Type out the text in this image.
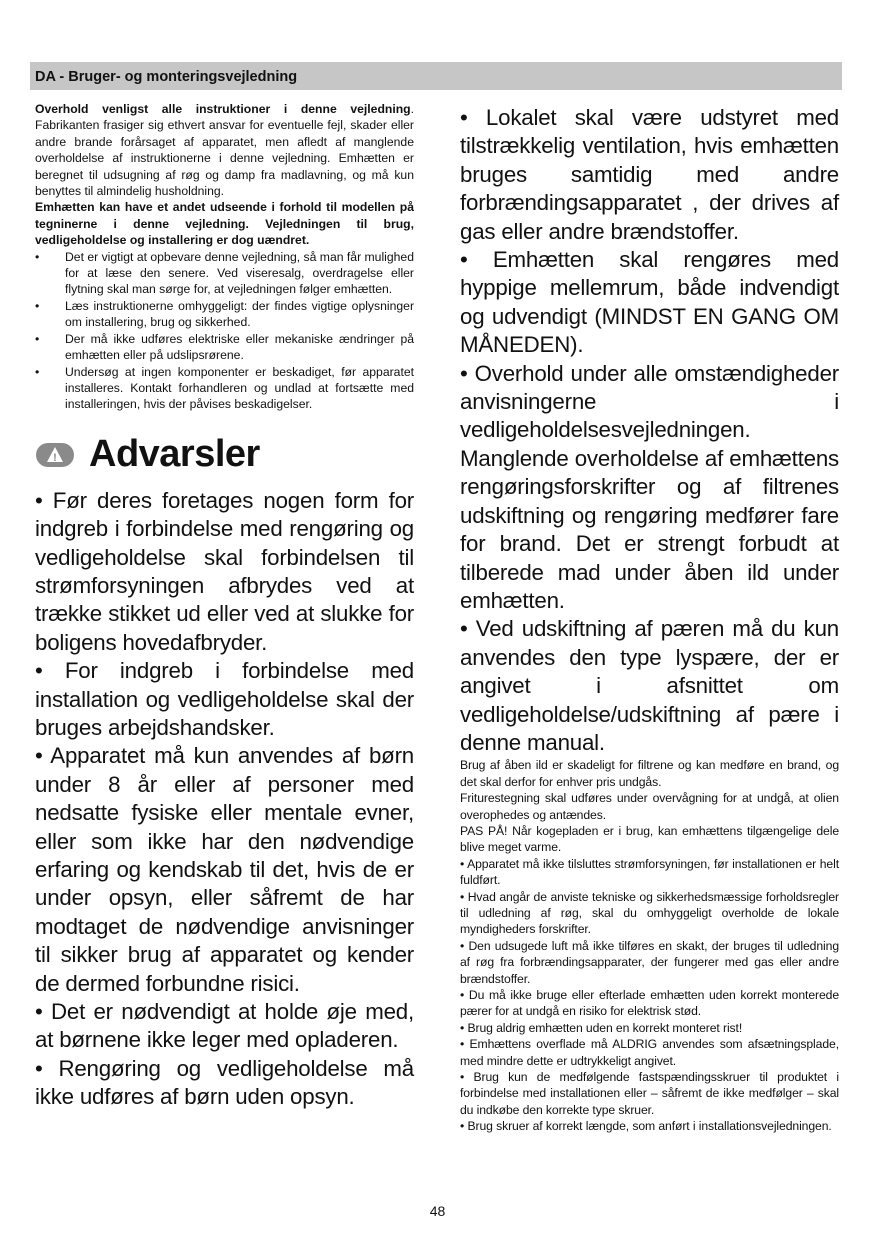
DA - Bruger- og monteringsvejledning

Overhold venligst alle instruktioner i denne vejledning. Fabrikanten frasiger sig ethvert ansvar for eventuelle fejl, skader eller andre brande forårsaget af apparatet, men afledt af manglende overholdelse af instruktionerne i denne vejledning. Emhætten er beregnet til udsugning af røg og damp fra madlavning, og må kun benyttes til almindelig husholdning.

Emhætten kan have et andet udseende i forhold til modellen på tegninerne i denne vejledning. Vejledningen til brug, vedligeholdelse og installering er dog uændret.

• Det er vigtigt at opbevare denne vejledning, så man får mulighed for at læse den senere. Ved viseresalg, overdragelse eller flytning skal man sørge for, at vejledningen følger emhætten.
• Læs instruktionerne omhyggeligt: der findes vigtige oplysninger om installering, brug og sikkerhed.
• Der må ikke udføres elektriske eller mekaniske ændringer på emhætten eller på udslipsrørene.
• Undersøg at ingen komponenter er beskadiget, før apparatet installeres. Kontakt forhandleren og undlad at fortsætte med installeringen, hvis der påvises beskadigelser.
! Advarsler

• Før deres foretages nogen form for indgreb i forbindelse med rengøring og vedligeholdelse skal forbindelsen til strømforsyningen afbrydes ved at trække stikket ud eller ved at slukke for boligens hovedafbryder.

• For indgreb i forbindelse med installation og vedligeholdelse skal der bruges arbejdshandsker.

• Apparatet må kun anvendes af børn under 8 år eller af personer med nedsatte fysiske eller mentale evner, eller som ikke har den nødvendige erfaring og kendskab til det, hvis de er under opsyn, eller såfremt de har modtaget de nødvendige anvisninger til sikker brug af apparatet og kender de dermed forbundne risici.

• Det er nødvendigt at holde øje med, at børnene ikke leger med opladeren.

• Rengøring og vedligeholdelse må ikke udføres af børn uden opsyn.

• Lokalet skal være udstyret med tilstrækkelig ventilation, hvis emhætten bruges samtidig med andre forbrændingsapparatet , der drives af gas eller andre brændstoffer.

• Emhætten skal rengøres med hyppige mellemrum, både indvendigt og udvendigt (MINDST EN GANG OM MÅNEDEN).

• Overhold under alle omstændigheder anvisningerne i vedligeholdelsesvejledningen.

Manglende overholdelse af emhættens rengøringsforskrifter og af filtrenes udskiftning og rengøring medfører fare for brand. Det er strengt forbudt at tilberede mad under åben ild under emhætten.

• Ved udskiftning af pæren må du kun anvendes den type lyspære, der er angivet i afsnittet om vedligeholdelse/udskiftning af pære i denne manual.

Brug af åben ild er skadeligt for filtrene og kan medføre en brand, og det skal derfor for enhver pris undgås.

Friturestegning skal udføres under overvågning for at undgå, at olien overophedes og antændes.

PAS PÅ! Når kogepladen er i brug, kan emhættens tilgængelige dele blive meget varme.

• Apparatet må ikke tilsluttes strømforsyningen, før installationen er helt fuldført.

• Hvad angår de anviste tekniske og sikkerhedsmæssige forholdsregler til udledning af røg, skal du omhyggeligt overholde de lokale myndigheders forskrifter.

• Den udsugede luft må ikke tilføres en skakt, der bruges til udledning af røg fra forbrændingsapparater, der fungerer med gas eller andre brændstoffer.

• Du må ikke bruge eller efterlade emhætten uden korrekt monterede pærer for at undgå en risiko for elektrisk stød.

• Brug aldrig emhætten uden en korrekt monteret rist!

• Emhættens overflade må ALDRIG anvendes som afsætningsplade, med mindre dette er udtrykkeligt angivet.

• Brug kun de medfølgende fastspændingsskruer til produktet i forbindelse med installationen eller – såfremt de ikke medfølger – skal du indkøbe den korrekte type skruer.

• Brug skruer af korrekt længde, som anført i installationsvejledningen.

48
